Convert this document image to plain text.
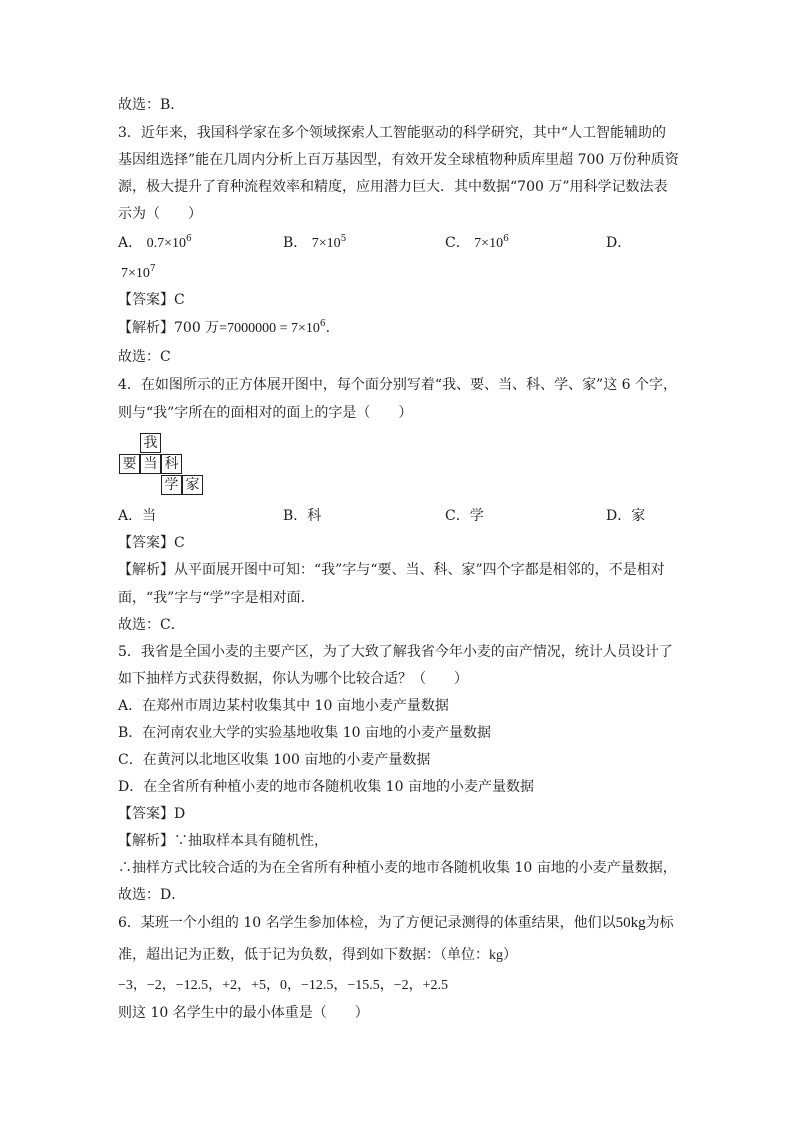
故选：B．
3．近年来，我国科学家在多个领域探索人工智能驱动的科学研究，其中“人工智能辅助的
基因组选择”能在几周内分析上百万基因型，有效开发全球植物种质库里超 700 万份种质资
源，极大提升了育种流程效率和精度，应用潜力巨大．其中数据“700 万”用科学记数法表
示为（　　）
A． $0.7\times 10^6$	B． $7\times 10^5$	C． $7\times 10^6$	D．
$7\times 10^7$
【答案】C
【解析】700 万$=7000000 = 7\times 10^6$.
故选：C
4．在如图所示的正方体展开图中，每个面分别写着“我、要、当、科、学、家”这 6 个字，
则与“我”字所在的面相对的面上的字是（　　）
我
要 当 科
学 家
A．当	B．科	C．学	D．家
【答案】C
【解析】从平面展开图中可知：“我”字与“要、当、科、家”四个字都是相邻的，不是相对
面，“我”字与“学”字是相对面．
故选：C．
5．我省是全国小麦的主要产区，为了大致了解我省今年小麦的亩产情况，统计人员设计了
如下抽样方式获得数据，你认为哪个比较合适？（　　）
A．在郑州市周边某村收集其中 10 亩地小麦产量数据
B．在河南农业大学的实验基地收集 10 亩地的小麦产量数据
C．在黄河以北地区收集 100 亩地的小麦产量数据
D．在全省所有种植小麦的地市各随机收集 10 亩地的小麦产量数据
【答案】D
【解析】∵抽取样本具有随机性，
∴抽样方式比较合适的为在全省所有种植小麦的地市各随机收集 10 亩地的小麦产量数据，
故选：D．
6．某班一个小组的 10 名学生参加体检，为了方便记录测得的体重结果，他们以50kg为标
准，超出记为正数，低于记为负数，得到如下数据：（单位：kg）
−3，−2，−12.5，+2，+5，0，−12.5，−15.5，−2，+2.5
则这 10 名学生中的最小体重是（　　）
